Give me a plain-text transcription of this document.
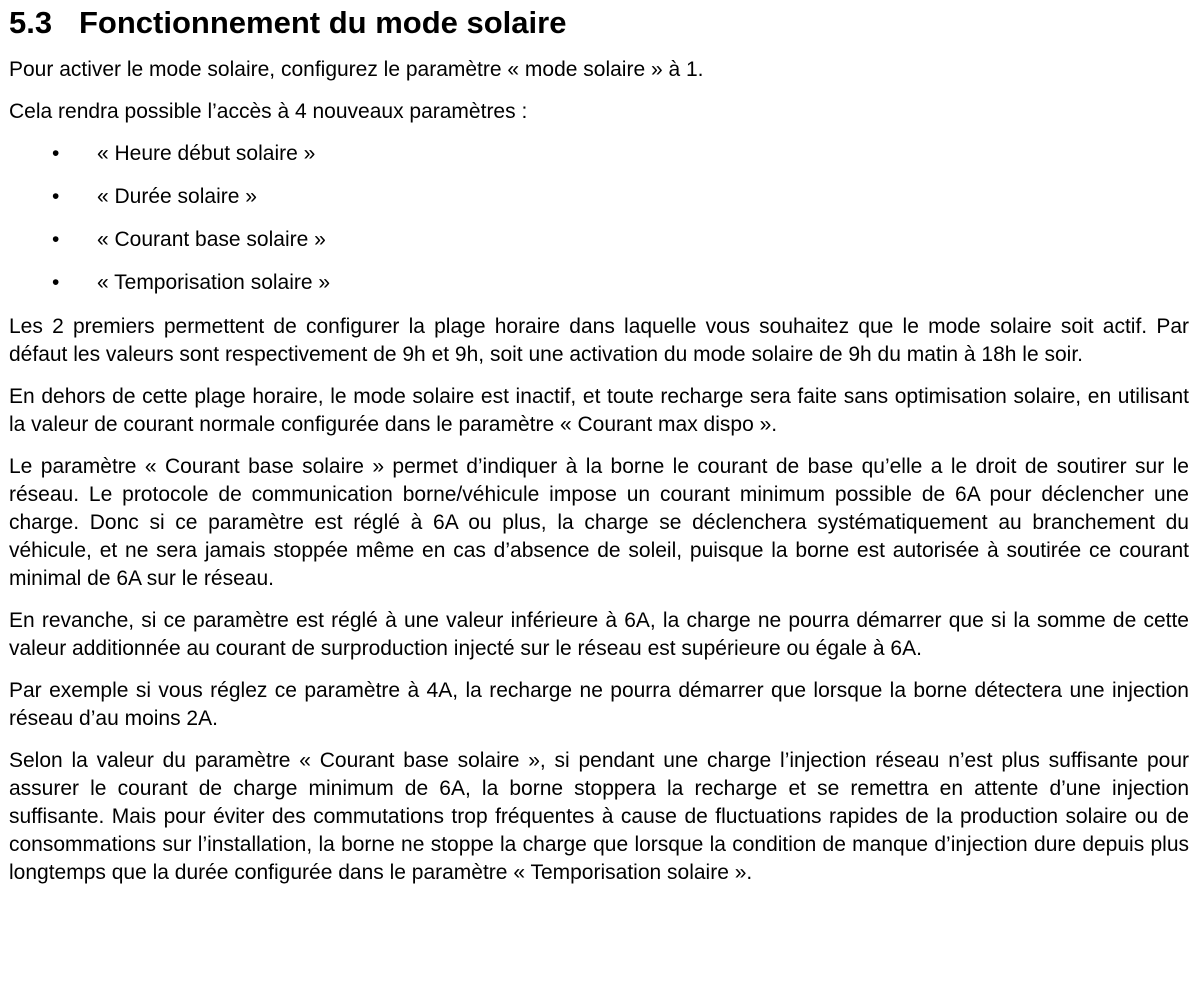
5.3 Fonctionnement du mode solaire

Pour activer le mode solaire, configurez le paramètre « mode solaire » à 1.

Cela rendra possible l’accès à 4 nouveaux paramètres :

• « Heure début solaire »
• « Durée solaire »
• « Courant base solaire »
• « Temporisation solaire »

Les 2 premiers permettent de configurer la plage horaire dans laquelle vous souhaitez que le mode solaire soit actif. Par défaut les valeurs sont respectivement de 9h et 9h, soit une activation du mode solaire de 9h du matin à 18h le soir.

En dehors de cette plage horaire, le mode solaire est inactif, et toute recharge sera faite sans optimisation solaire, en utilisant la valeur de courant normale configurée dans le paramètre « Courant max dispo ».

Le paramètre « Courant base solaire » permet d’indiquer à la borne le courant de base qu’elle a le droit de soutirer sur le réseau. Le protocole de communication borne/véhicule impose un courant minimum possible de 6A pour déclencher une charge. Donc si ce paramètre est réglé à 6A ou plus, la charge se déclenchera systématiquement au branchement du véhicule, et ne sera jamais stoppée même en cas d’absence de soleil, puisque la borne est autorisée à soutirée ce courant minimal de 6A sur le réseau.

En revanche, si ce paramètre est réglé à une valeur inférieure à 6A, la charge ne pourra démarrer que si la somme de cette valeur additionnée au courant de surproduction injecté sur le réseau est supérieure ou égale à 6A.

Par exemple si vous réglez ce paramètre à 4A, la recharge ne pourra démarrer que lorsque la borne détectera une injection réseau d’au moins 2A.

Selon la valeur du paramètre « Courant base solaire », si pendant une charge l’injection réseau n’est plus suffisante pour assurer le courant de charge minimum de 6A, la borne stoppera la recharge et se remettra en attente d’une injection suffisante. Mais pour éviter des commutations trop fréquentes à cause de fluctuations rapides de la production solaire ou de consommations sur l’installation, la borne ne stoppe la charge que lorsque la condition de manque d’injection dure depuis plus longtemps que la durée configurée dans le paramètre « Temporisation solaire ».
